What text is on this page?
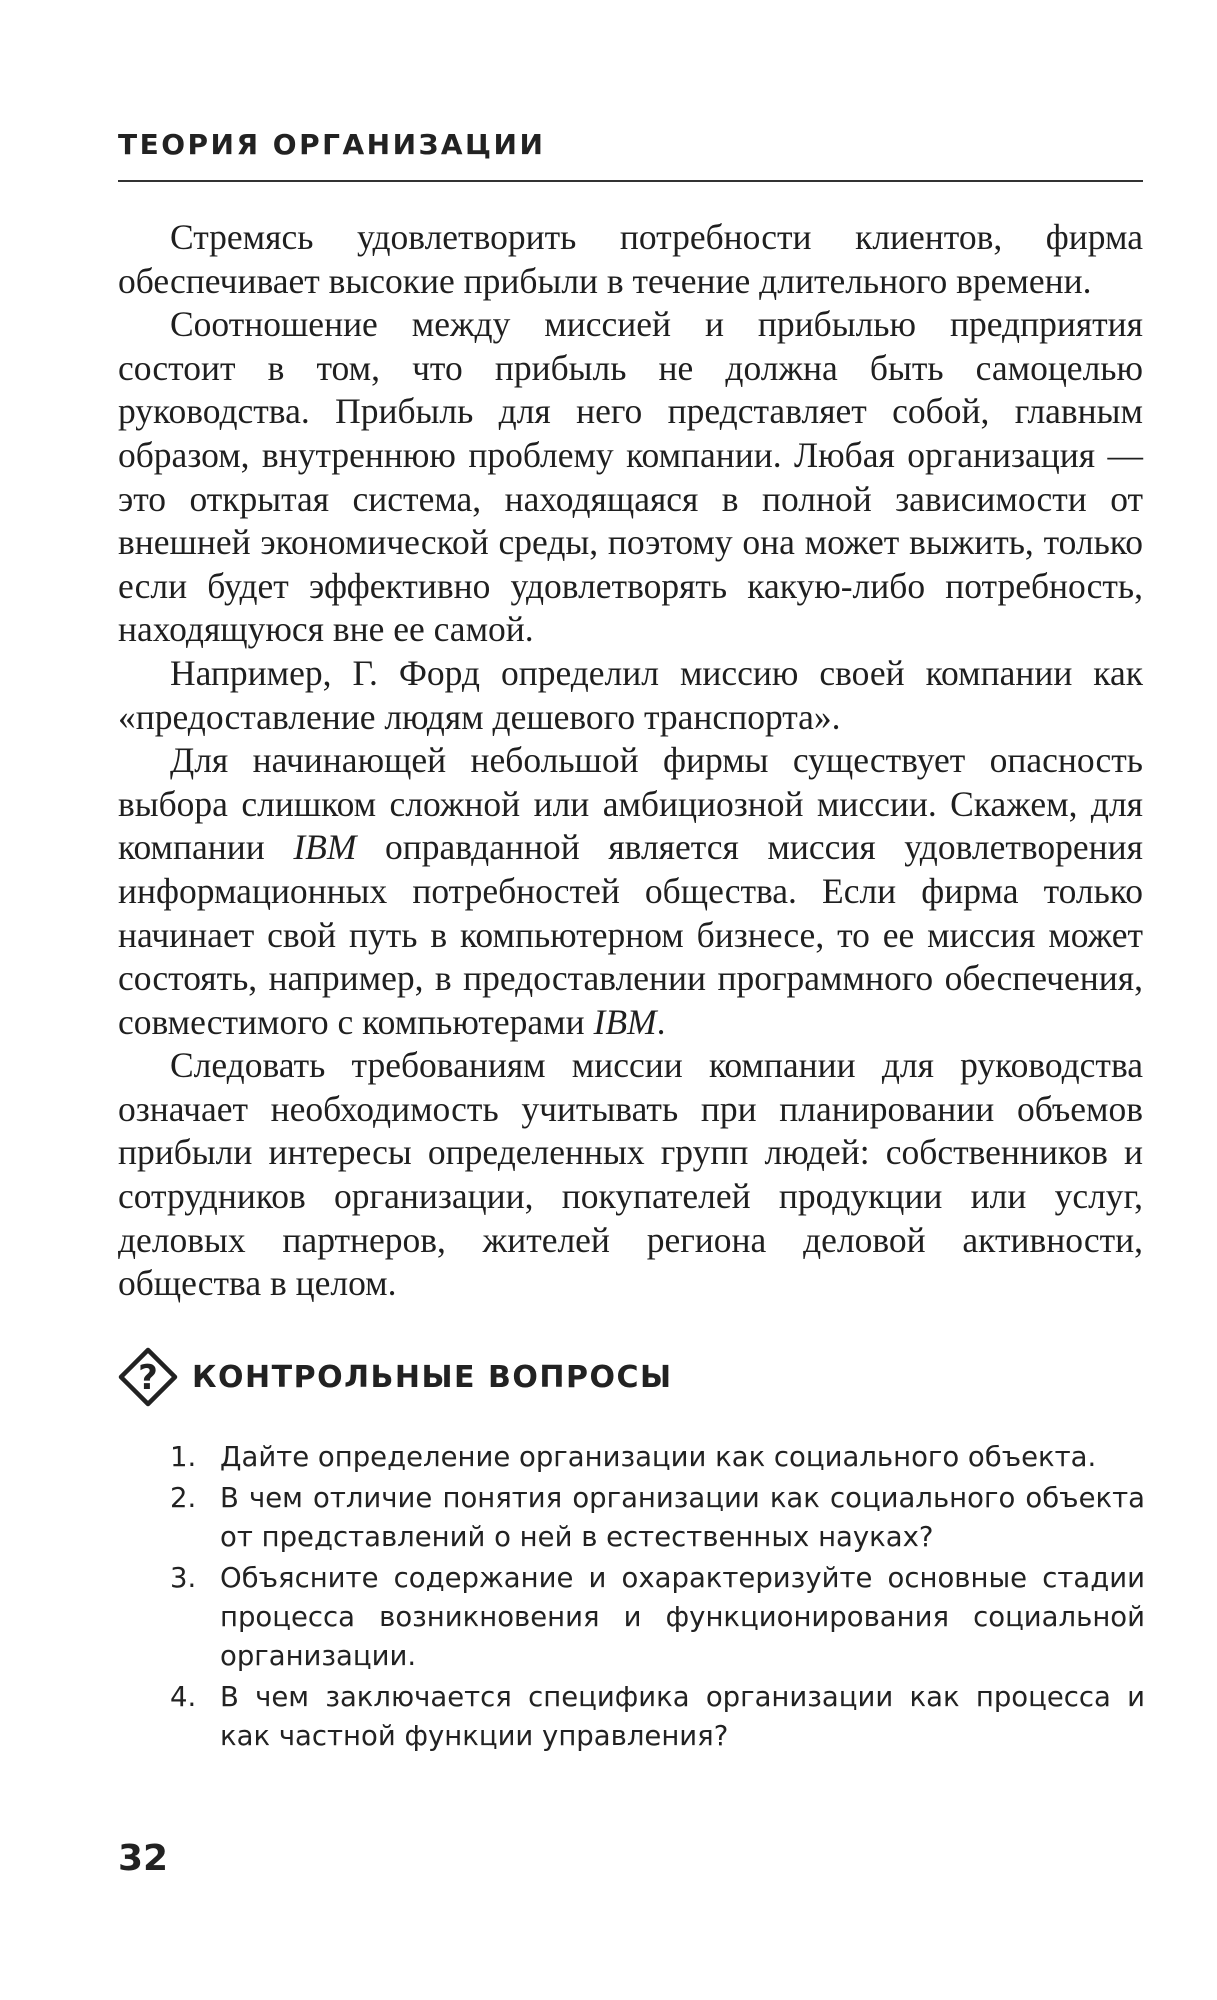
ТЕОРИЯ ОРГАНИЗАЦИИ

Стремясь удовлетворить потребности клиентов, фирма обеспечивает высокие прибыли в течение длительного времени.

Соотношение между миссией и прибылью предприятия состоит в том, что прибыль не должна быть самоцелью руководства. Прибыль для него представляет собой, главным образом, внутреннюю проблему компании. Любая организация — это открытая система, находящаяся в полной зависимости от внешней экономической среды, поэтому она может выжить, только если будет эффективно удовлетворять какую-либо потребность, находящуюся вне ее самой.

Например, Г. Форд определил миссию своей компании как «предоставление людям дешевого транспорта».

Для начинающей небольшой фирмы существует опасность выбора слишком сложной или амбициозной миссии. Скажем, для компании IBM оправданной является миссия удовлетворения информационных потребностей общества. Если фирма только начинает свой путь в компьютерном бизнесе, то ее миссия может состоять, например, в предоставлении программного обеспечения, совместимого с компьютерами IBM.

Следовать требованиям миссии компании для руководства означает необходимость учитывать при планировании объемов прибыли интересы определенных групп людей: собственников и сотрудников организации, покупателей продукции или услуг, деловых партнеров, жителей региона деловой активности, общества в целом.

? КОНТРОЛЬНЫЕ ВОПРОСЫ
1. Дайте определение организации как социального объекта.
2. В чем отличие понятия организации как социального объекта от представлений о ней в естественных науках?
3. Объясните содержание и охарактеризуйте основные стадии процесса возникновения и функционирования социальной организации.
4. В чем заключается специфика организации как процесса и как частной функции управления?
32
